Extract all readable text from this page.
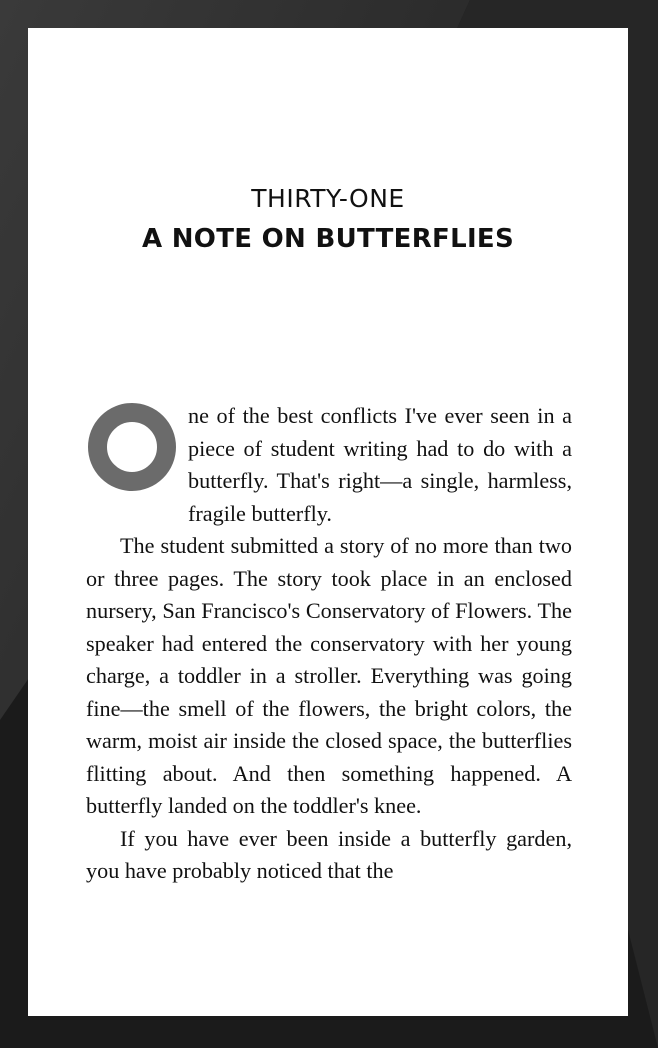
THIRTY-ONE
A NOTE ON BUTTERFLIES

ne of the best conflicts I've ever seen in a piece of student writing had to do with a butterfly. That's right—a single, harmless, fragile butterfly.

The student submitted a story of no more than two or three pages. The story took place in an enclosed nursery, San Francisco's Conservatory of Flowers. The speaker had entered the conservatory with her young charge, a toddler in a stroller. Everything was going fine—the smell of the flowers, the bright colors, the warm, moist air inside the closed space, the butterflies flitting about. And then something happened. A butterfly landed on the toddler's knee.

If you have ever been inside a butterfly garden, you have probably noticed that the
